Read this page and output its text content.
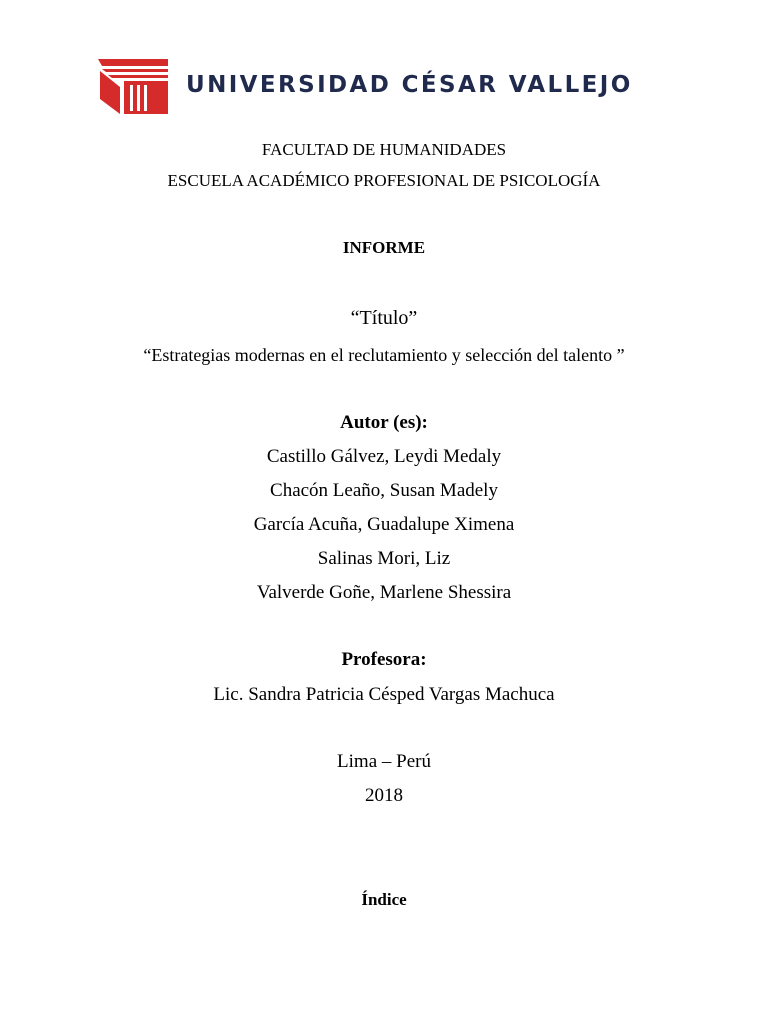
UNIVERSIDAD CÉSAR VALLEJO
FACULTAD DE HUMANIDADES
ESCUELA ACADÉMICO PROFESIONAL DE PSICOLOGÍA
INFORME
“Título”
“Estrategias modernas en el reclutamiento y selección del talento ”
Autor (es):
Castillo Gálvez, Leydi Medaly
Chacón Leaño, Susan Madely
García Acuña, Guadalupe Ximena
Salinas Mori, Liz
Valverde Goñe, Marlene Shessira
Profesora:
Lic. Sandra Patricia Césped Vargas Machuca
Lima – Perú
2018
Índice
